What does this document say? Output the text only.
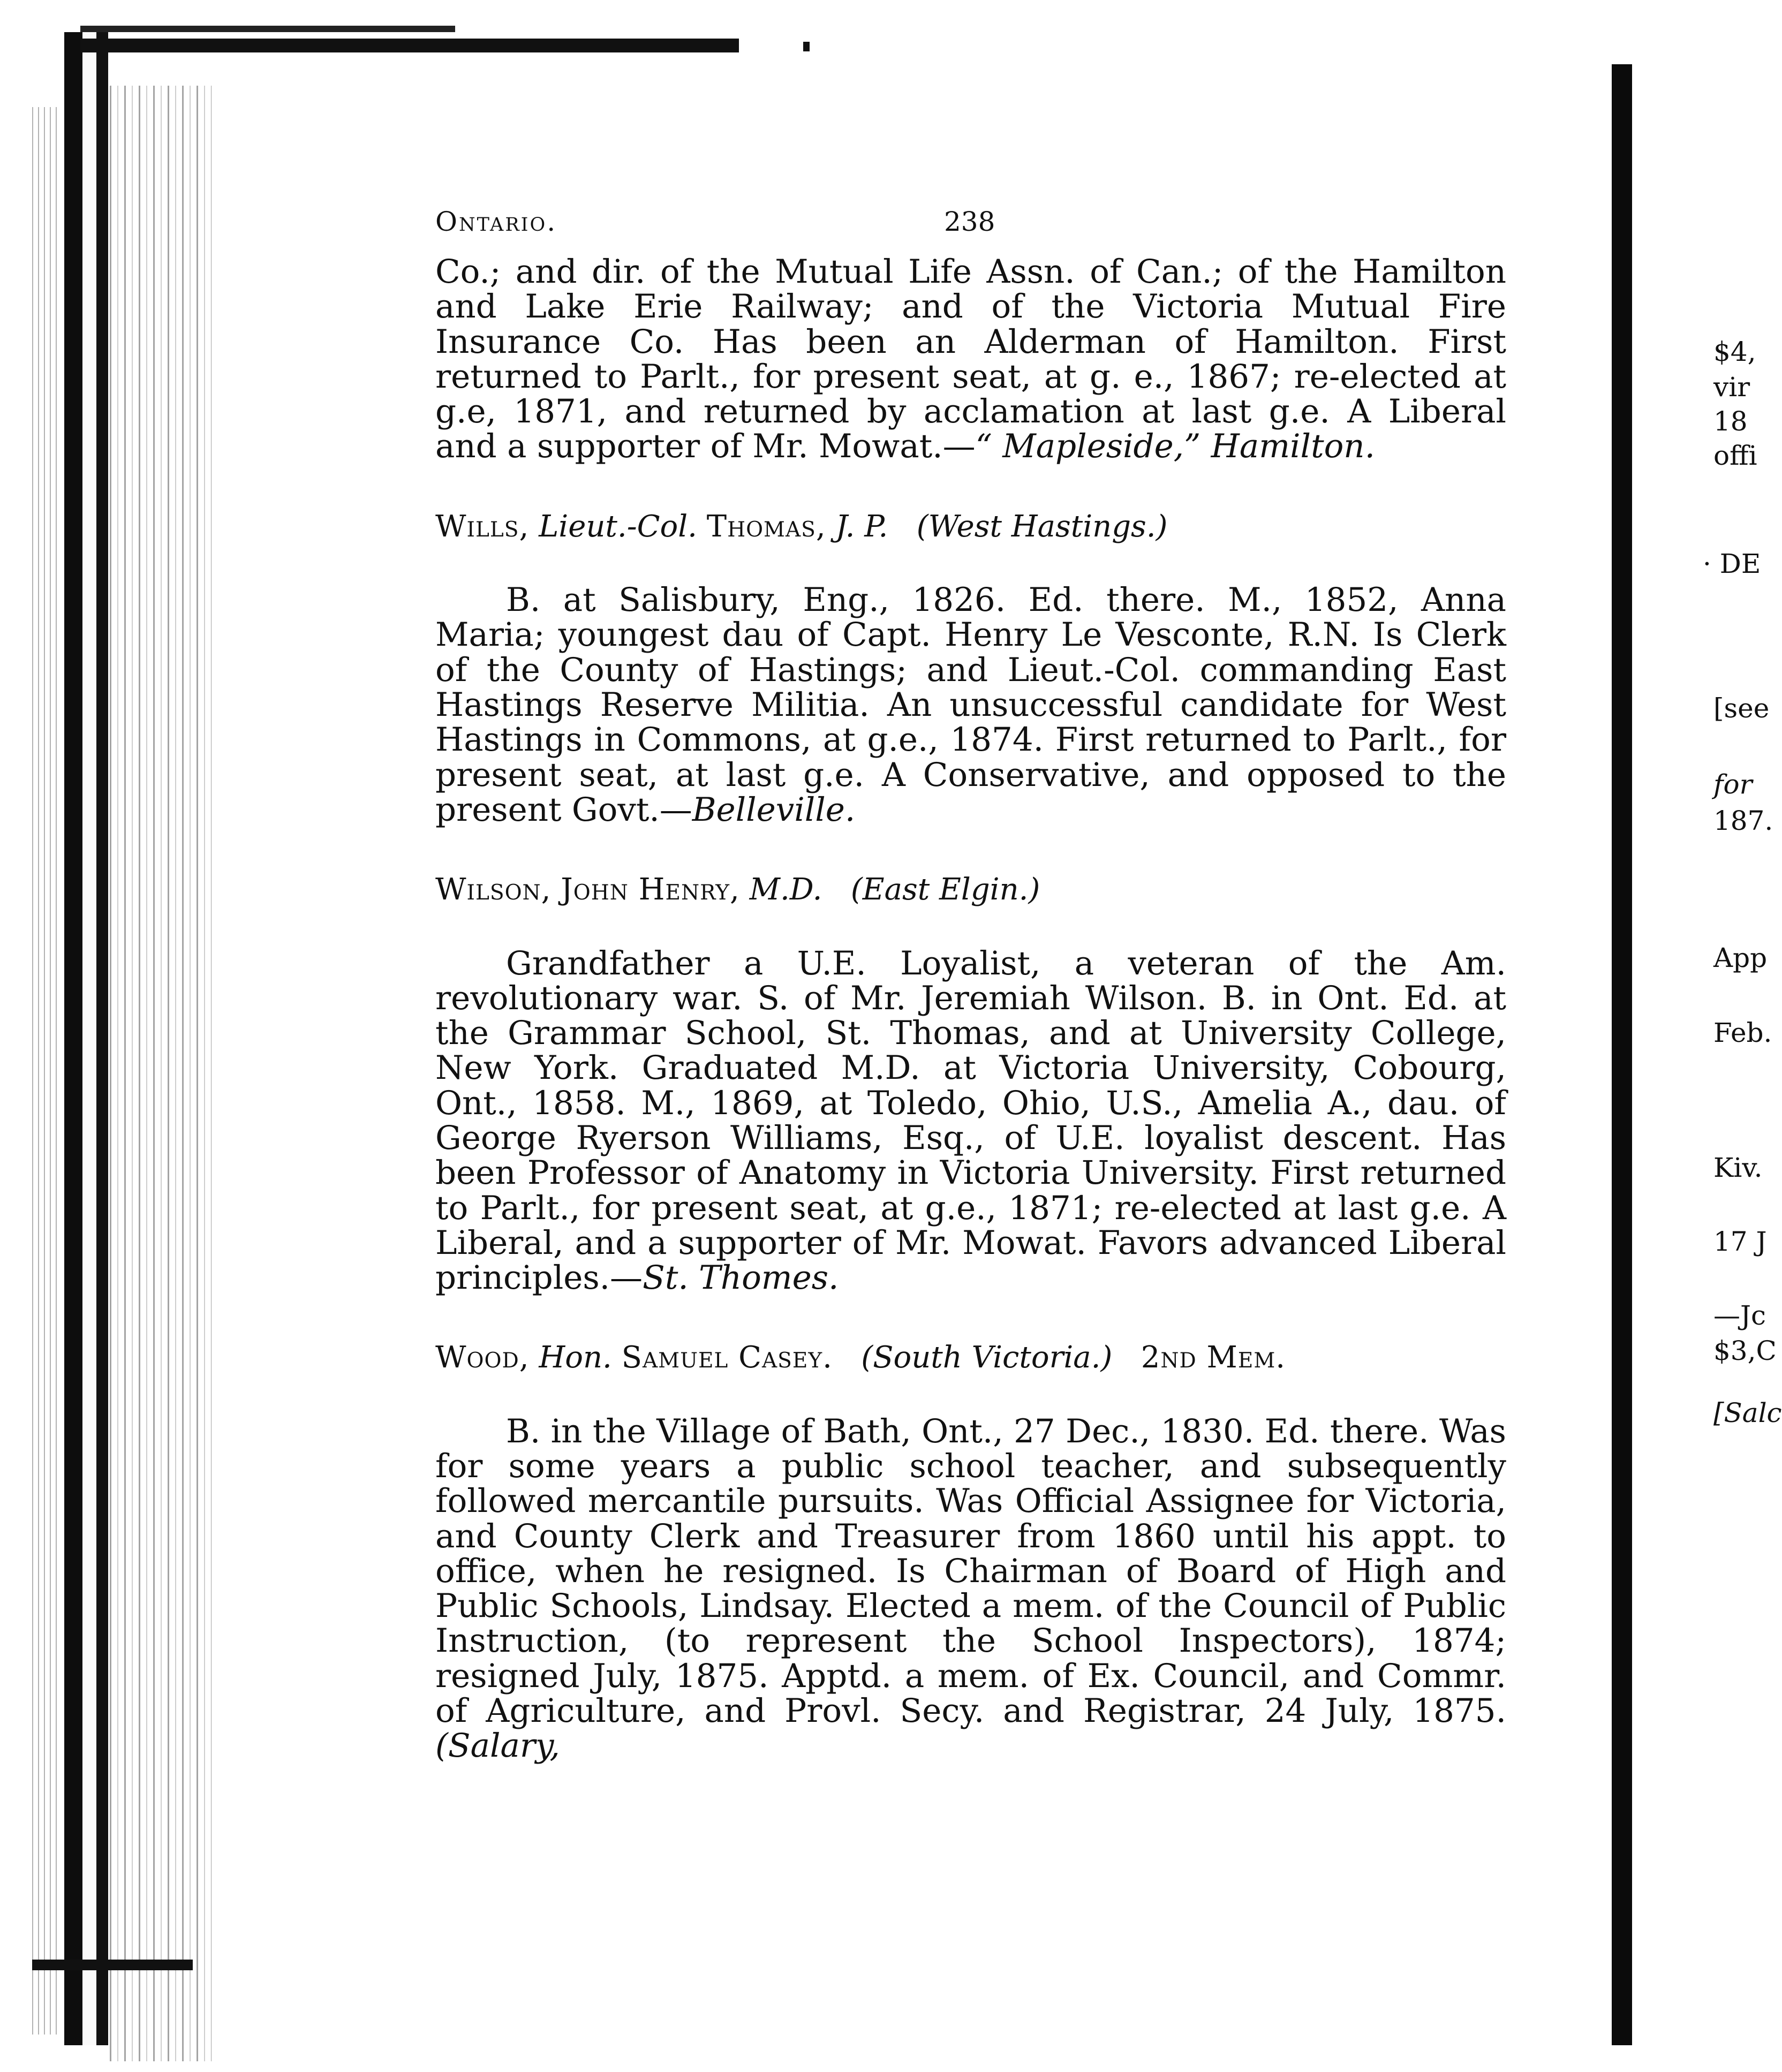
Ontario.	238

Co.; and dir. of the Mutual Life Assn. of Can.; of the Hamilton and Lake Erie Railway; and of the Victoria Mutual Fire Insurance Co. Has been an Alderman of Hamilton. First returned to Parlt., for present seat, at g. e., 1867; re-elected at g.e, 1871, and returned by acclamation at last g.e. A Liberal and a supporter of Mr. Mowat.—“ Mapleside,” Hamilton.

Wills, Lieut.-Col. Thomas, J. P. (West Hastings.)

B. at Salisbury, Eng., 1826. Ed. there. M., 1852, Anna Maria; youngest dau of Capt. Henry Le Vesconte, R.N. Is Clerk of the County of Hastings; and Lieut.-Col. commanding East Hastings Reserve Militia. An unsuccessful candidate for West Hastings in Commons, at g.e., 1874. First returned to Parlt., for present seat, at last g.e. A Conservative, and opposed to the present Govt.—Belleville.

Wilson, John Henry, M.D. (East Elgin.)

Grandfather a U.E. Loyalist, a veteran of the Am. revolutionary war. S. of Mr. Jeremiah Wilson. B. in Ont. Ed. at the Grammar School, St. Thomas, and at University College, New York. Graduated M.D. at Victoria University, Cobourg, Ont., 1858. M., 1869, at Toledo, Ohio, U.S., Amelia A., dau. of George Ryerson Williams, Esq., of U.E. loyalist descent. Has been Professor of Anatomy in Victoria University. First returned to Parlt., for present seat, at g.e., 1871; re-elected at last g.e. A Liberal, and a supporter of Mr. Mowat. Favors advanced Liberal principles.—St. Thomes.

Wood, Hon. Samuel Casey. (South Victoria.) 2nd Mem.

B. in the Village of Bath, Ont., 27 Dec., 1830. Ed. there. Was for some years a public school teacher, and subsequently followed mercantile pursuits. Was Official Assignee for Victoria, and County Clerk and Treasurer from 1860 until his appt. to office, when he resigned. Is Chairman of Board of High and Public Schools, Lindsay. Elected a mem. of the Council of Public Instruction, (to represent the School Inspectors), 1874; resigned July, 1875. Apptd. a mem. of Ex. Council, and Commr. of Agriculture, and Provl. Secy. and Registrar, 24 July, 1875. (Salary,

$4,
vir
18
offi
· DE
[see
for
187.
App
Feb.
Kiv.
17 J
—Jc
$3,C
[Salc
